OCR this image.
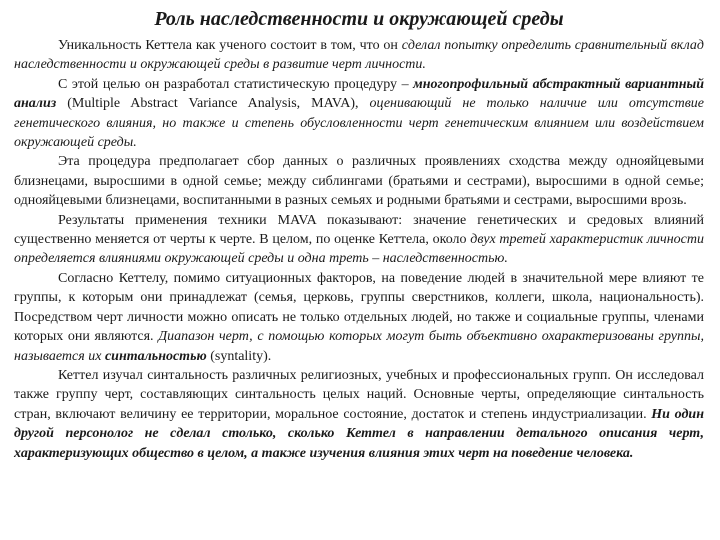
Роль наследственности и окружающей среды

Уникальность Кеттела как ученого состоит в том, что он сделал попытку определить сравнительный вклад наследственности и окружающей среды в развитие черт личности.

С этой целью он разработал статистическую процедуру – многопрофильный абстрактный вариантный анализ (Multiple Abstract Variance Analysis, MAVA), оценивающий не только наличие или отсутствие генетического влияния, но также и степень обусловленности черт генетическим влиянием или воздействием окружающей среды.

Эта процедура предполагает сбор данных о различных проявлениях сходства между однояйцевыми близнецами, выросшими в одной семье; между сиблингами (братьями и сестрами), выросшими в одной семье; однояйцевыми близнецами, воспитанными в разных семьях и родными братьями и сестрами, выросшими врозь.

Результаты применения техники MAVA показывают: значение генетических и средовых влияний существенно меняется от черты к черте. В целом, по оценке Кеттела, около двух третей характеристик личности определяется влияниями окружающей среды и одна треть – наследственностью.

Согласно Кеттелу, помимо ситуационных факторов, на поведение людей в значительной мере влияют те группы, к которым они принадлежат (семья, церковь, группы сверстников, коллеги, школа, национальность). Посредством черт личности можно описать не только отдельных людей, но также и социальные группы, членами которых они являются. Диапазон черт, с помощью которых могут быть объективно охарактеризованы группы, называется их синтальностью (syntality).

Кеттел изучал синтальность различных религиозных, учебных и профессиональных групп. Он исследовал также группу черт, составляющих синтальность целых наций. Основные черты, определяющие синтальность стран, включают величину ее территории, моральное состояние, достаток и степень индустриализации. Ни один другой персонолог не сделал столько, сколько Кеттел в направлении детального описания черт, характеризующих общество в целом, а также изучения влияния этих черт на поведение человека.
